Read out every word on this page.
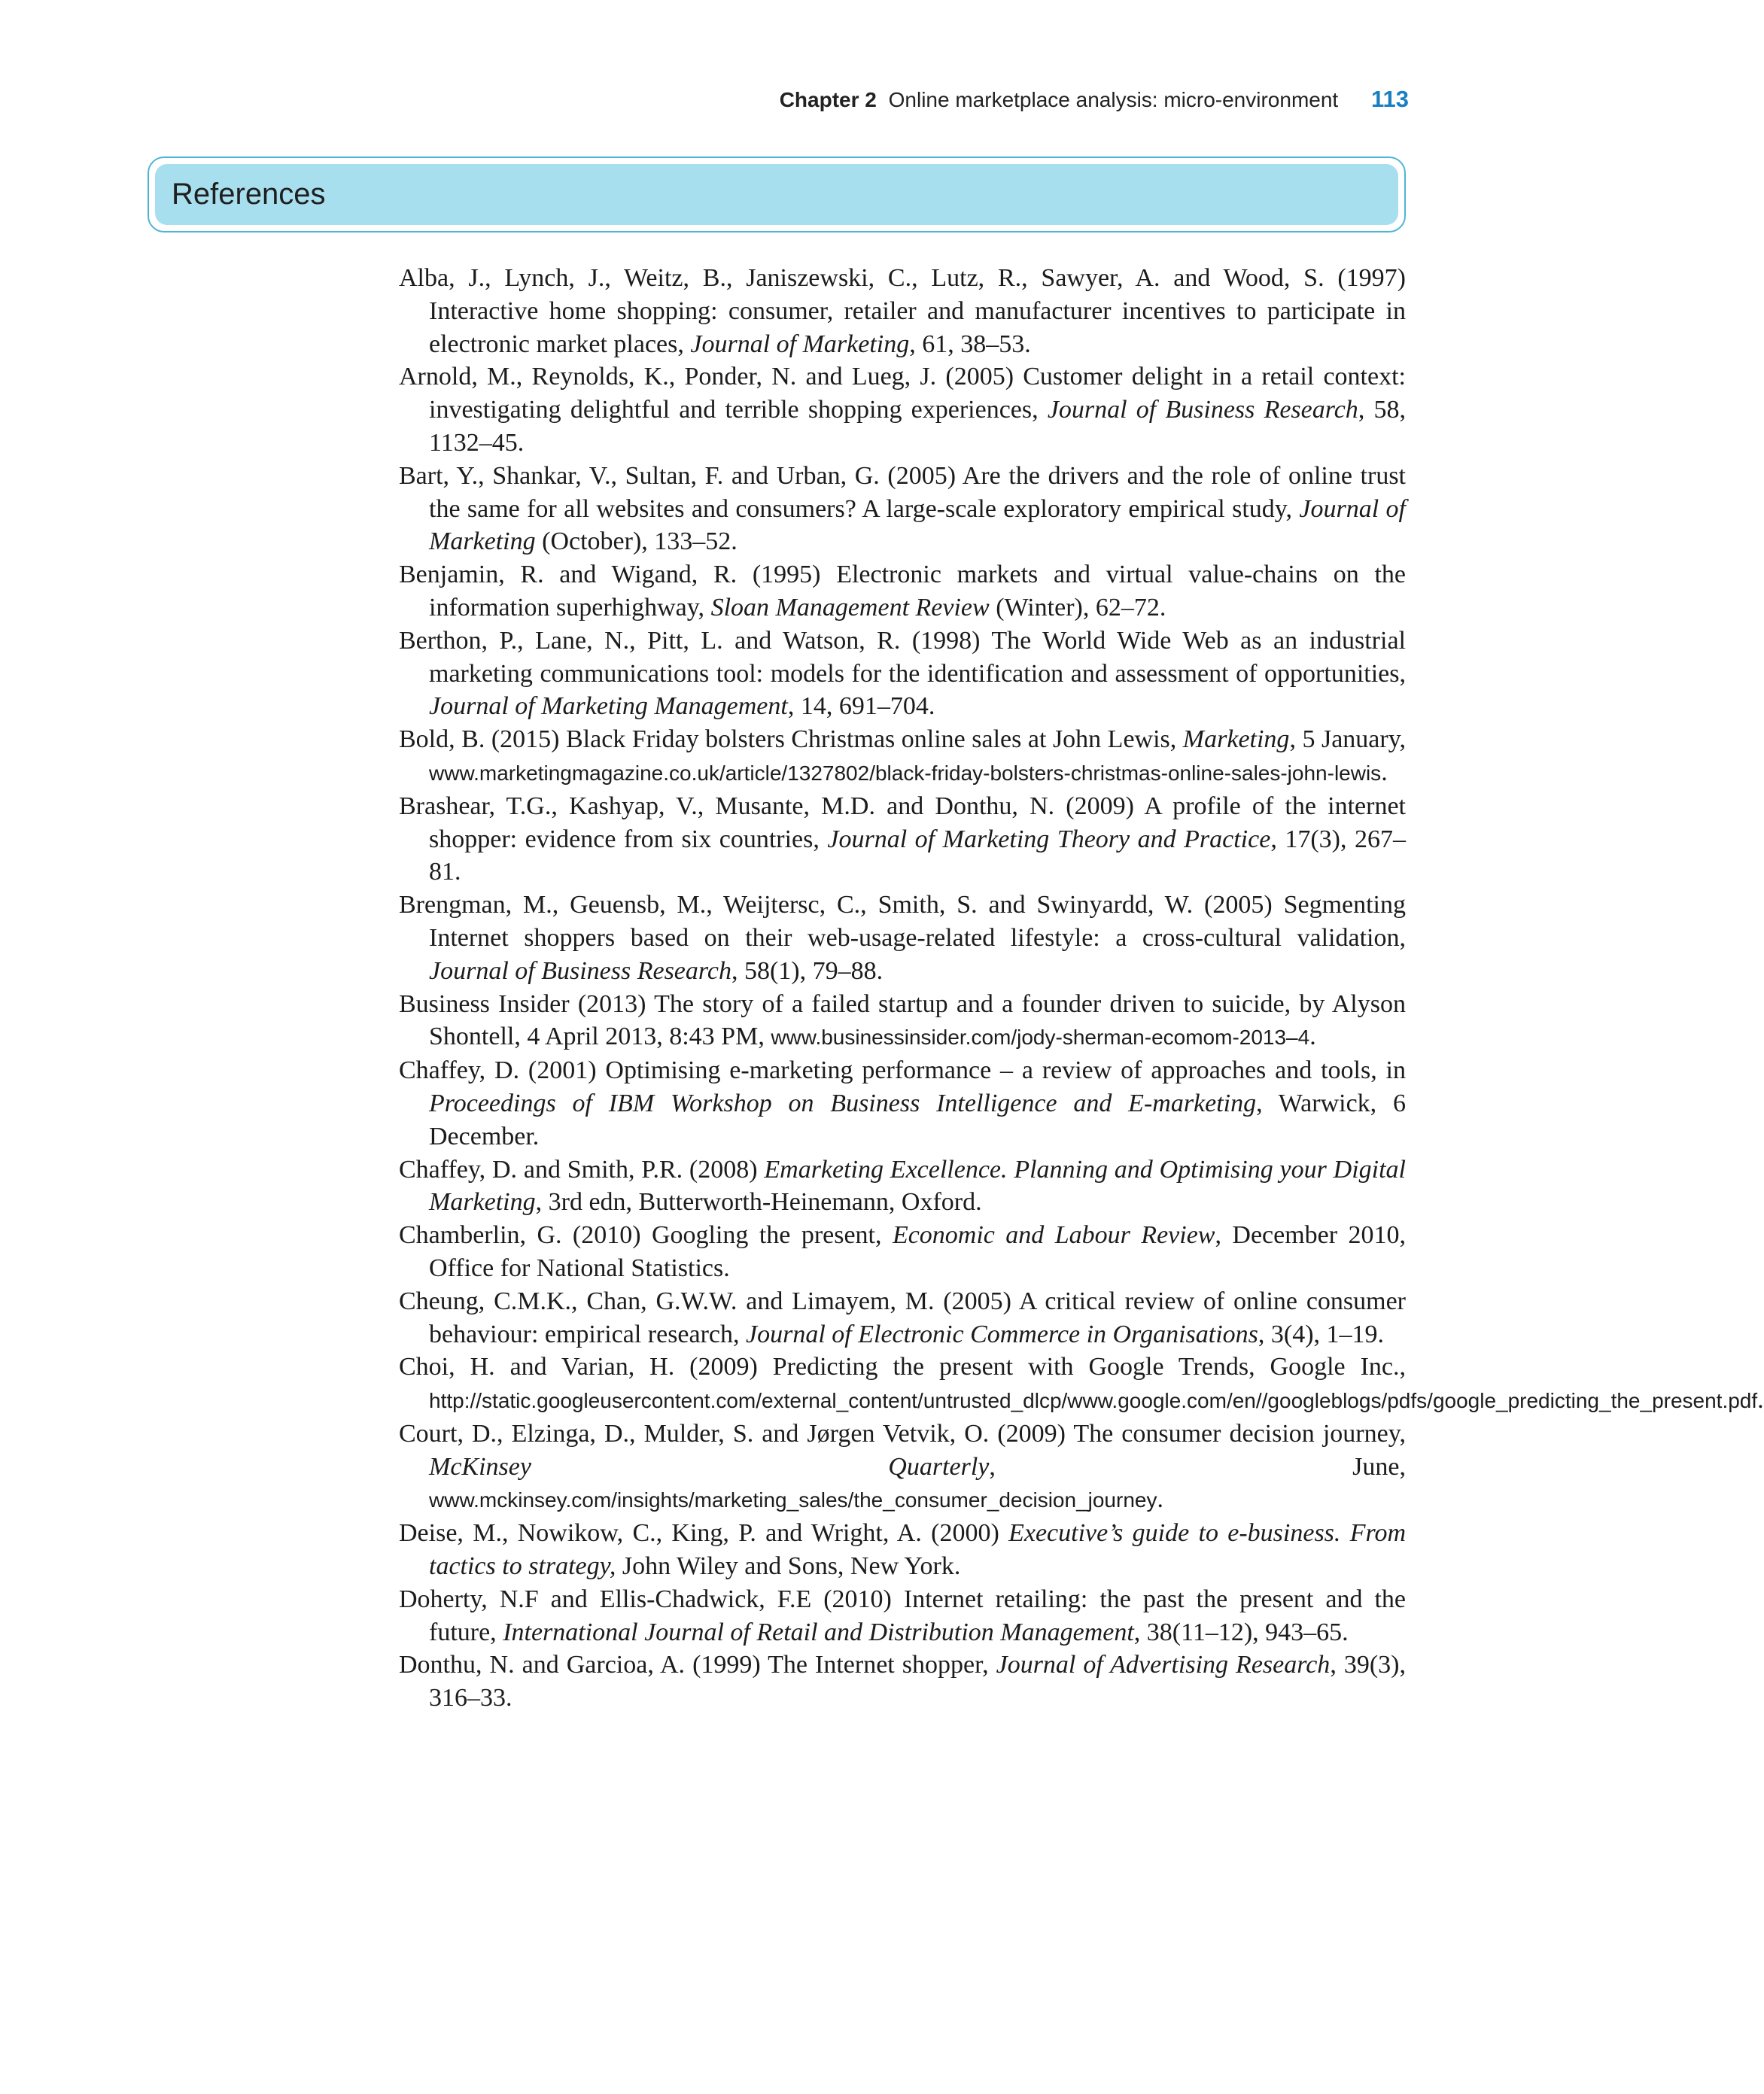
Chapter 2 Online marketplace analysis: micro-environment 113
References
Alba, J., Lynch, J., Weitz, B., Janiszewski, C., Lutz, R., Sawyer, A. and Wood, S. (1997) Interactive home shopping: consumer, retailer and manufacturer incentives to participate in electronic market places, Journal of Marketing, 61, 38–53.
Arnold, M., Reynolds, K., Ponder, N. and Lueg, J. (2005) Customer delight in a retail context: investigating delightful and terrible shopping experiences, Journal of Business Research, 58, 1132–45.
Bart, Y., Shankar, V., Sultan, F. and Urban, G. (2005) Are the drivers and the role of online trust the same for all websites and consumers? A large-scale exploratory empirical study, Journal of Marketing (October), 133–52.
Benjamin, R. and Wigand, R. (1995) Electronic markets and virtual value-chains on the information superhighway, Sloan Management Review (Winter), 62–72.
Berthon, P., Lane, N., Pitt, L. and Watson, R. (1998) The World Wide Web as an industrial marketing communications tool: models for the identification and assessment of opportunities, Journal of Marketing Management, 14, 691–704.
Bold, B. (2015) Black Friday bolsters Christmas online sales at John Lewis, Marketing, 5 January, www.marketingmagazine.co.uk/article/1327802/black-friday-bolsters-christmas-online-sales-john-lewis.
Brashear, T.G., Kashyap, V., Musante, M.D. and Donthu, N. (2009) A profile of the internet shopper: evidence from six countries, Journal of Marketing Theory and Practice, 17(3), 267–81.
Brengman, M., Geuensb, M., Weijtersc, C., Smith, S. and Swinyardd, W. (2005) Segmenting Internet shoppers based on their web-usage-related lifestyle: a cross-cultural validation, Journal of Business Research, 58(1), 79–88.
Business Insider (2013) The story of a failed startup and a founder driven to suicide, by Alyson Shontell, 4 April 2013, 8:43 PM, www.businessinsider.com/jody-sherman-ecomom-2013–4.
Chaffey, D. (2001) Optimising e-marketing performance – a review of approaches and tools, in Proceedings of IBM Workshop on Business Intelligence and E-marketing, Warwick, 6 December.
Chaffey, D. and Smith, P.R. (2008) Emarketing Excellence. Planning and Optimising your Digital Marketing, 3rd edn, Butterworth-Heinemann, Oxford.
Chamberlin, G. (2010) Googling the present, Economic and Labour Review, December 2010, Office for National Statistics.
Cheung, C.M.K., Chan, G.W.W. and Limayem, M. (2005) A critical review of online consumer behaviour: empirical research, Journal of Electronic Commerce in Organisations, 3(4), 1–19.
Choi, H. and Varian, H. (2009) Predicting the present with Google Trends, Google Inc., http://static.googleusercontent.com/external_content/untrusted_dlcp/www.google.com/en//googleblogs/pdfs/google_predicting_the_present.pdf.
Court, D., Elzinga, D., Mulder, S. and Jørgen Vetvik, O. (2009) The consumer decision journey, McKinsey Quarterly, June, www.mckinsey.com/insights/marketing_sales/the_consumer_decision_journey.
Deise, M., Nowikow, C., King, P. and Wright, A. (2000) Executive’s guide to e-business. From tactics to strategy, John Wiley and Sons, New York.
Doherty, N.F and Ellis-Chadwick, F.E (2010) Internet retailing: the past the present and the future, International Journal of Retail and Distribution Management, 38(11–12), 943–65.
Donthu, N. and Garcioa, A. (1999) The Internet shopper, Journal of Advertising Research, 39(3), 316–33.
